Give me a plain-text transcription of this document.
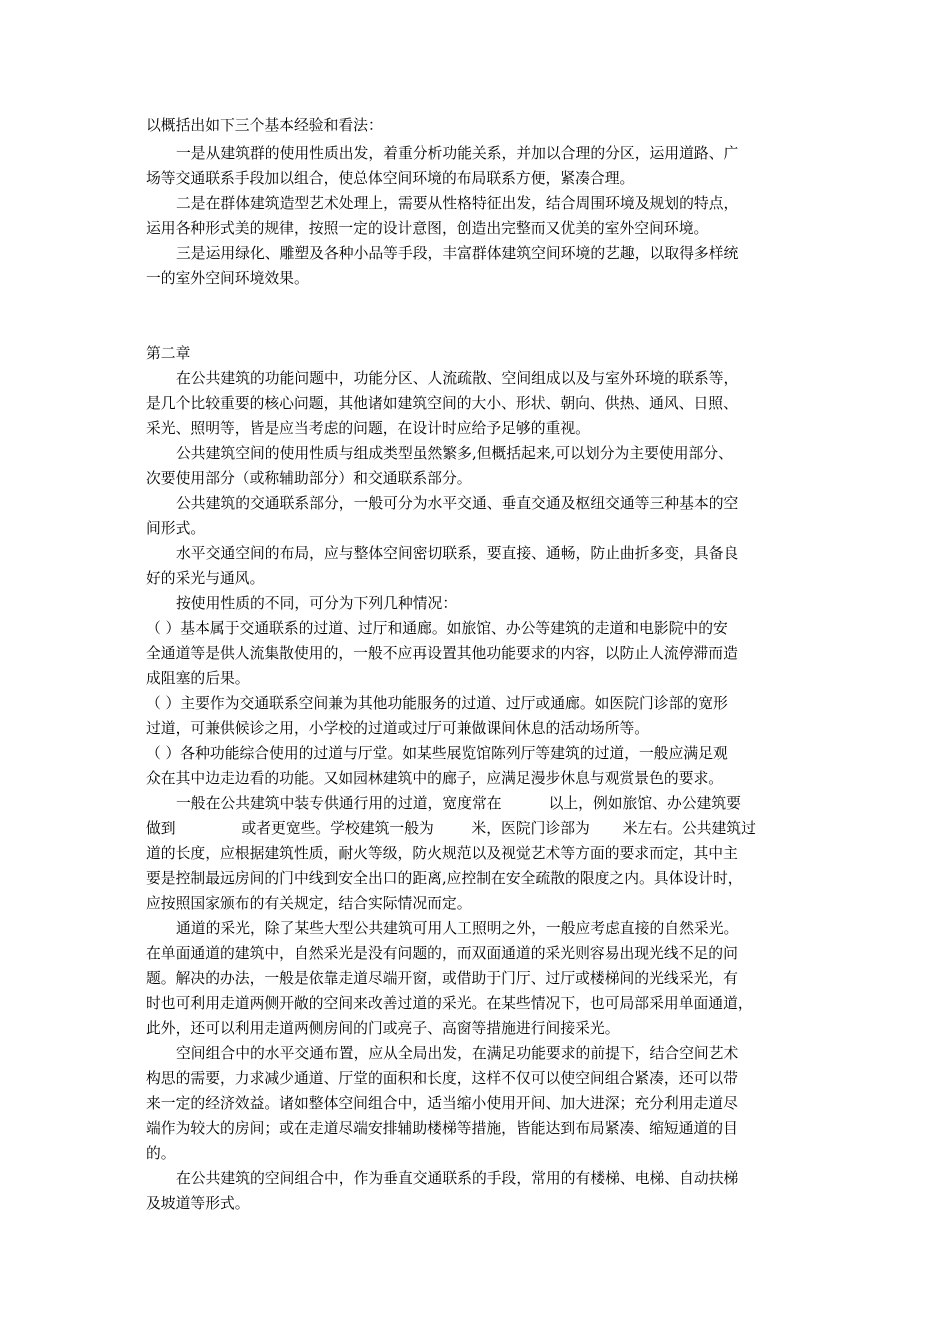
以概括出如下三个基本经验和看法：
一是从建筑群的使用性质出发，着重分析功能关系，并加以合理的分区，运用道路、广
场等交通联系手段加以组合，使总体空间环境的布局联系方便，紧凑合理。
二是在群体建筑造型艺术处理上，需要从性格特征出发，结合周围环境及规划的特点，
运用各种形式美的规律，按照一定的设计意图，创造出完整而又优美的室外空间环境。
三是运用绿化、雕塑及各种小品等手段，丰富群体建筑空间环境的艺趣，以取得多样统
一的室外空间环境效果。
第二章
在公共建筑的功能问题中，功能分区、人流疏散、空间组成以及与室外环境的联系等，
是几个比较重要的核心问题，其他诸如建筑空间的大小、形状、朝向、供热、通风、日照、
采光、照明等，皆是应当考虑的问题，在设计时应给予足够的重视。
公共建筑空间的使用性质与组成类型虽然繁多,但概括起来,可以划分为主要使用部分、
次要使用部分（或称辅助部分）和交通联系部分。
公共建筑的交通联系部分，一般可分为水平交通、垂直交通及枢纽交通等三种基本的空
间形式。
水平交通空间的布局，应与整体空间密切联系，要直接、通畅，防止曲折多变，具备良
好的采光与通风。
按使用性质的不同，可分为下列几种情况：
（ ）基本属于交通联系的过道、过厅和通廊。如旅馆、办公等建筑的走道和电影院中的安
全通道等是供人流集散使用的，一般不应再设置其他功能要求的内容，以防止人流停滞而造
成阻塞的后果。
（ ）主要作为交通联系空间兼为其他功能服务的过道、过厅或通廊。如医院门诊部的宽形
过道，可兼供候诊之用，小学校的过道或过厅可兼做课间休息的活动场所等。
（ ）各种功能综合使用的过道与厅堂。如某些展览馆陈列厅等建筑的过道，一般应满足观
众在其中边走边看的功能。又如园林建筑中的廊子，应满足漫步休息与观赏景色的要求。
一般在公共建筑中装专供通行用的过道，宽度常在          以上，例如旅馆、办公建筑要
做到              或者更宽些。学校建筑一般为        米，医院门诊部为       米左右。公共建筑过
道的长度，应根据建筑性质，耐火等级，防火规范以及视觉艺术等方面的要求而定，其中主
要是控制最远房间的门中线到安全出口的距离,应控制在安全疏散的限度之内。具体设计时，
应按照国家颁布的有关规定，结合实际情况而定。
通道的采光，除了某些大型公共建筑可用人工照明之外，一般应考虑直接的自然采光。
在单面通道的建筑中，自然采光是没有问题的，而双面通道的采光则容易出现光线不足的问
题。解决的办法，一般是依靠走道尽端开窗，或借助于门厅、过厅或楼梯间的光线采光，有
时也可利用走道两侧开敞的空间来改善过道的采光。在某些情况下，也可局部采用单面通道，
此外，还可以利用走道两侧房间的门或亮子、高窗等措施进行间接采光。
空间组合中的水平交通布置，应从全局出发，在满足功能要求的前提下，结合空间艺术
构思的需要，力求减少通道、厅堂的面积和长度，这样不仅可以使空间组合紧凑，还可以带
来一定的经济效益。诸如整体空间组合中，适当缩小使用开间、加大进深；充分利用走道尽
端作为较大的房间；或在走道尽端安排辅助楼梯等措施，皆能达到布局紧凑、缩短通道的目
的。
在公共建筑的空间组合中，作为垂直交通联系的手段，常用的有楼梯、电梯、自动扶梯
及坡道等形式。
